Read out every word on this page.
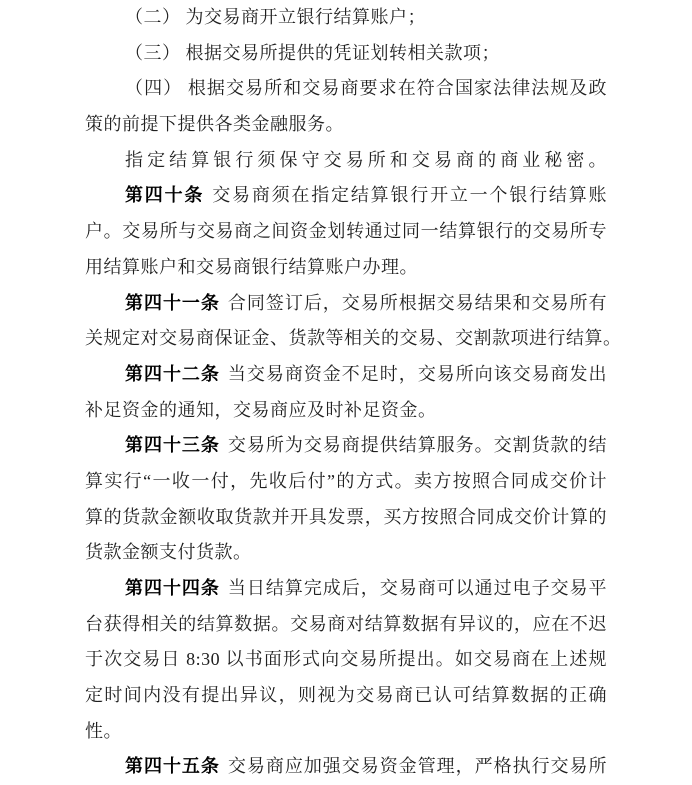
（二） 为交易商开立银行结算账户；
（三） 根据交易所提供的凭证划转相关款项；
（四） 根据交易所和交易商要求在符合国家法律法规及政
策的前提下提供各类金融服务。
指定结算银行须保守交易所和交易商的商业秘密。
第四十条 交易商须在指定结算银行开立一个银行结算账
户。交易所与交易商之间资金划转通过同一结算银行的交易所专
用结算账户和交易商银行结算账户办理。
第四十一条 合同签订后，交易所根据交易结果和交易所有
关规定对交易商保证金、货款等相关的交易、交割款项进行结算。
第四十二条 当交易商资金不足时，交易所向该交易商发出
补足资金的通知，交易商应及时补足资金。
第四十三条 交易所为交易商提供结算服务。交割货款的结
算实行“一收一付，先收后付”的方式。卖方按照合同成交价计
算的货款金额收取货款并开具发票，买方按照合同成交价计算的
货款金额支付货款。
第四十四条 当日结算完成后，交易商可以通过电子交易平
台获得相关的结算数据。交易商对结算数据有异议的，应在不迟
于次交易日 8:30 以书面形式向交易所提出。如交易商在上述规
定时间内没有提出异议，则视为交易商已认可结算数据的正确
性。
第四十五条 交易商应加强交易资金管理，严格执行交易所
